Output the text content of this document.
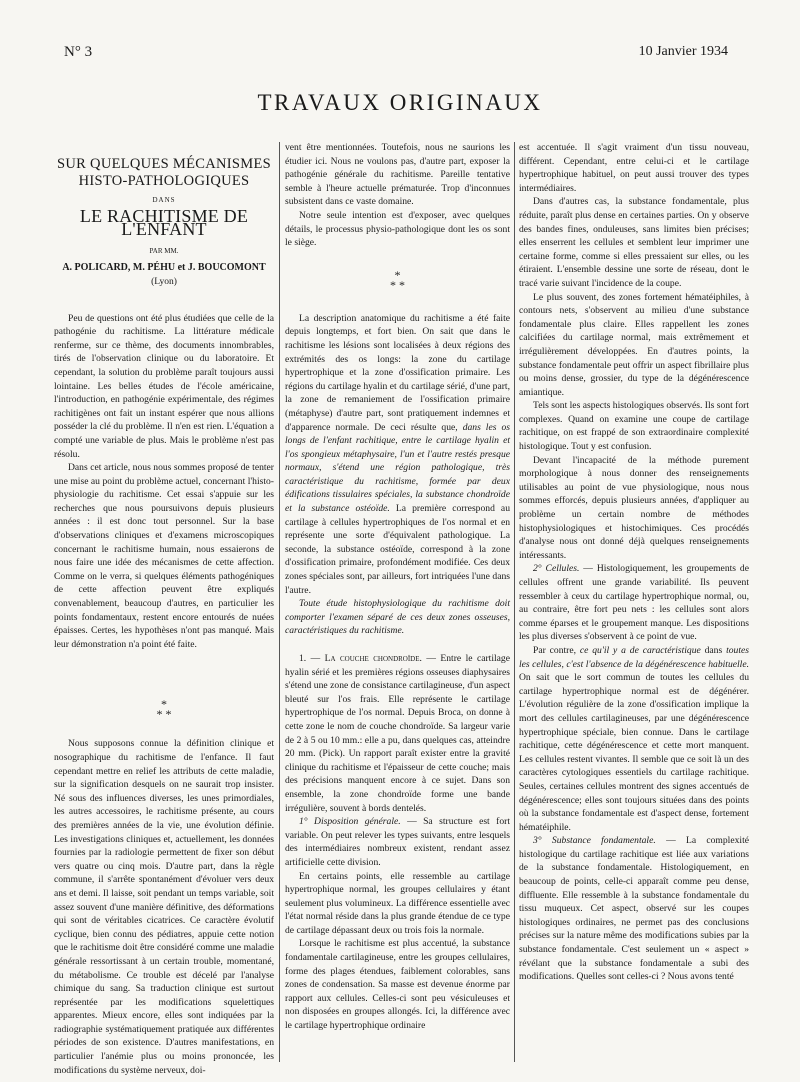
N° 3	10 Janvier 1934
TRAVAUX ORIGINAUX
SUR QUELQUES MÉCANISMES
HISTO-PATHOLOGIQUES
DANS
LE RACHITISME DE L'ENFANT
PAR MM.
A. POLICARD, M. PÉHU et J. BOUCOMONT
(Lyon)

Peu de questions ont été plus étudiées que celle de la pathogénie du rachitisme. La littérature médicale renferme, sur ce thème, des documents innombrables, tirés de l'observation clinique ou du laboratoire. Et cependant, la solution du problème paraît toujours aussi lointaine. Les belles études de l'école américaine, l'introduction, en pathogénie expérimentale, des régimes rachitigènes ont fait un instant espérer que nous allions posséder la clé du problème. Il n'en est rien. L'équation a compté une variable de plus. Mais le problème n'est pas résolu.

Dans cet article, nous nous sommes proposé de tenter une mise au point du problème actuel, concernant l'histo-physiologie du rachitisme. Cet essai s'appuie sur les recherches que nous poursuivons depuis plusieurs années : il est donc tout personnel. Sur la base d'observations cliniques et d'examens microscopiques concernant le rachitisme humain, nous essaierons de nous faire une idée des mécanismes de cette affection. Comme on le verra, si quelques éléments pathogéniques de cette affection peuvent être expliqués convenablement, beaucoup d'autres, en particulier les points fondamentaux, restent encore entourés de nuées épaisses. Certes, les hypothèses n'ont pas manqué. Mais leur démonstration n'a point été faite.

*
* *

Nous supposons connue la définition clinique et nosographique du rachitisme de l'enfance. Il faut cependant mettre en relief les attributs de cette maladie, sur la signification desquels on ne saurait trop insister. Né sous des influences diverses, les unes primordiales, les autres accessoires, le rachitisme présente, au cours des premières années de la vie, une évolution définie. Les investigations cliniques et, actuellement, les données fournies par la radiologie permettent de fixer son début vers quatre ou cinq mois. D'autre part, dans la règle commune, il s'arrête spontanément d'évoluer vers deux ans et demi. Il laisse, soit pendant un temps variable, soit assez souvent d'une manière définitive, des déformations qui sont de véritables cicatrices. Ce caractère évolutif cyclique, bien connu des pédiatres, appuie cette notion que le rachitisme doit être considéré comme une maladie générale ressortissant à un certain trouble, momentané, du métabolisme. Ce trouble est décelé par l'analyse chimique du sang. Sa traduction clinique est surtout représentée par les modifications squelettiques apparentes. Mieux encore, elles sont indiquées par la radiographie systématiquement pratiquée aux différentes périodes de son existence. D'autres manifestations, en particulier l'anémie plus ou moins prononcée, les modifications du système nerveux, doi-

vent être mentionnées. Toutefois, nous ne saurions les étudier ici. Nous ne voulons pas, d'autre part, exposer la pathogénie générale du rachitisme. Pareille tentative semble à l'heure actuelle prématurée. Trop d'inconnues subsistent dans ce vaste domaine.

Notre seule intention est d'exposer, avec quelques détails, le processus physio-pathologique dont les os sont le siège.

*
* *

La description anatomique du rachitisme a été faite depuis longtemps, et fort bien. On sait que dans le rachitisme les lésions sont localisées à deux régions des extrémités des os longs: la zone du cartilage hypertrophique et la zone d'ossification primaire. Les régions du cartilage hyalin et du cartilage sérié, d'une part, la zone de remaniement de l'ossification primaire (métaphyse) d'autre part, sont pratiquement indemnes et d'apparence normale. De ceci résulte que, dans les os longs de l'enfant rachitique, entre le cartilage hyalin et l'os spongieux métaphysaire, l'un et l'autre restés presque normaux, s'étend une région pathologique, très caractéristique du rachitisme, formée par deux édifications tissulaires spéciales, la substance chondroïde et la substance ostéoïde. La première correspond au cartilage à cellules hypertrophiques de l'os normal et en représente une sorte d'équivalent pathologique. La seconde, la substance ostéoïde, correspond à la zone d'ossification primaire, profondément modifiée. Ces deux zones spéciales sont, par ailleurs, fort intriquées l'une dans l'autre.

Toute étude histophysiologique du rachitisme doit comporter l'examen séparé de ces deux zones osseuses, caractéristiques du rachitisme.

1. — La couche chondroïde. — Entre le cartilage hyalin sérié et les premières régions osseuses diaphysaires s'étend une zone de consistance cartilagineuse, d'un aspect bleuté sur l'os frais. Elle représente le cartilage hypertrophique de l'os normal. Depuis Broca, on donne à cette zone le nom de couche chondroïde. Sa largeur varie de 2 à 5 ou 10 mm.: elle a pu, dans quelques cas, atteindre 20 mm. (Pick). Un rapport paraît exister entre la gravité clinique du rachitisme et l'épaisseur de cette couche; mais des précisions manquent encore à ce sujet. Dans son ensemble, la zone chondroïde forme une bande irrégulière, souvent à bords dentelés.

1° Disposition générale. — Sa structure est fort variable. On peut relever les types suivants, entre lesquels des intermédiaires nombreux existent, rendant assez artificielle cette division.

En certains points, elle ressemble au cartilage hypertrophique normal, les groupes cellulaires y étant seulement plus volumineux. La différence essentielle avec l'état normal réside dans la plus grande étendue de ce type de cartilage dépassant deux ou trois fois la normale.

Lorsque le rachitisme est plus accentué, la substance fondamentale cartilagineuse, entre les groupes cellulaires, forme des plages étendues, faiblement colorables, sans zones de condensation. Sa masse est devenue énorme par rapport aux cellules. Celles-ci sont peu vésiculeuses et non disposées en groupes allongés. Ici, la différence avec le cartilage hypertrophique ordinaire

est accentuée. Il s'agit vraiment d'un tissu nouveau, différent. Cependant, entre celui-ci et le cartilage hypertrophique habituel, on peut aussi trouver des types intermédiaires.

Dans d'autres cas, la substance fondamentale, plus réduite, paraît plus dense en certaines parties. On y observe des bandes fines, onduleuses, sans limites bien précises; elles enserrent les cellules et semblent leur imprimer une certaine forme, comme si elles pressaient sur elles, ou les étiraient. L'ensemble dessine une sorte de réseau, dont le tracé varie suivant l'incidence de la coupe.

Le plus souvent, des zones fortement hématéiphiles, à contours nets, s'observent au milieu d'une substance fondamentale plus claire. Elles rappellent les zones calcifiées du cartilage normal, mais extrêmement et irrégulièrement développées. En d'autres points, la substance fondamentale peut offrir un aspect fibrillaire plus ou moins dense, grossier, du type de la dégénérescence amiantique.

Tels sont les aspects histologiques observés. Ils sont fort complexes. Quand on examine une coupe de cartilage rachitique, on est frappé de son extraordinaire complexité histologique. Tout y est confusion.

Devant l'incapacité de la méthode purement morphologique à nous donner des renseignements utilisables au point de vue physiologique, nous nous sommes efforcés, depuis plusieurs années, d'appliquer au problème un certain nombre de méthodes histophysiologiques et histochimiques. Ces procédés d'analyse nous ont donné déjà quelques renseignements intéressants.

2° Cellules. — Histologiquement, les groupements de cellules offrent une grande variabilité. Ils peuvent ressembler à ceux du cartilage hypertrophique normal, ou, au contraire, être fort peu nets : les cellules sont alors comme éparses et le groupement manque. Les dispositions les plus diverses s'observent à ce point de vue.

Par contre, ce qu'il y a de caractéristique dans toutes les cellules, c'est l'absence de la dégénérescence habituelle. On sait que le sort commun de toutes les cellules du cartilage hypertrophique normal est de dégénérer. L'évolution régulière de la zone d'ossification implique la mort des cellules cartilagineuses, par une dégénérescence hypertrophique spéciale, bien connue. Dans le cartilage rachitique, cette dégénérescence et cette mort manquent. Les cellules restent vivantes. Il semble que ce soit là un des caractères cytologiques essentiels du cartilage rachitique. Seules, certaines cellules montrent des signes accentués de dégénérescence; elles sont toujours situées dans des points où la substance fondamentale est d'aspect dense, fortement hématéiphile.

3° Substance fondamentale. — La complexité histologique du cartilage rachitique est liée aux variations de la substance fondamentale. Histologiquement, en beaucoup de points, celle-ci apparaît comme peu dense, diffluente. Elle ressemble à la substance fondamentale du tissu muqueux. Cet aspect, observé sur les coupes histologiques ordinaires, ne permet pas des conclusions précises sur la nature même des modifications subies par la substance fondamentale. C'est seulement un « aspect » révélant que la substance fondamentale a subi des modifications. Quelles sont celles-ci ? Nous avons tenté
